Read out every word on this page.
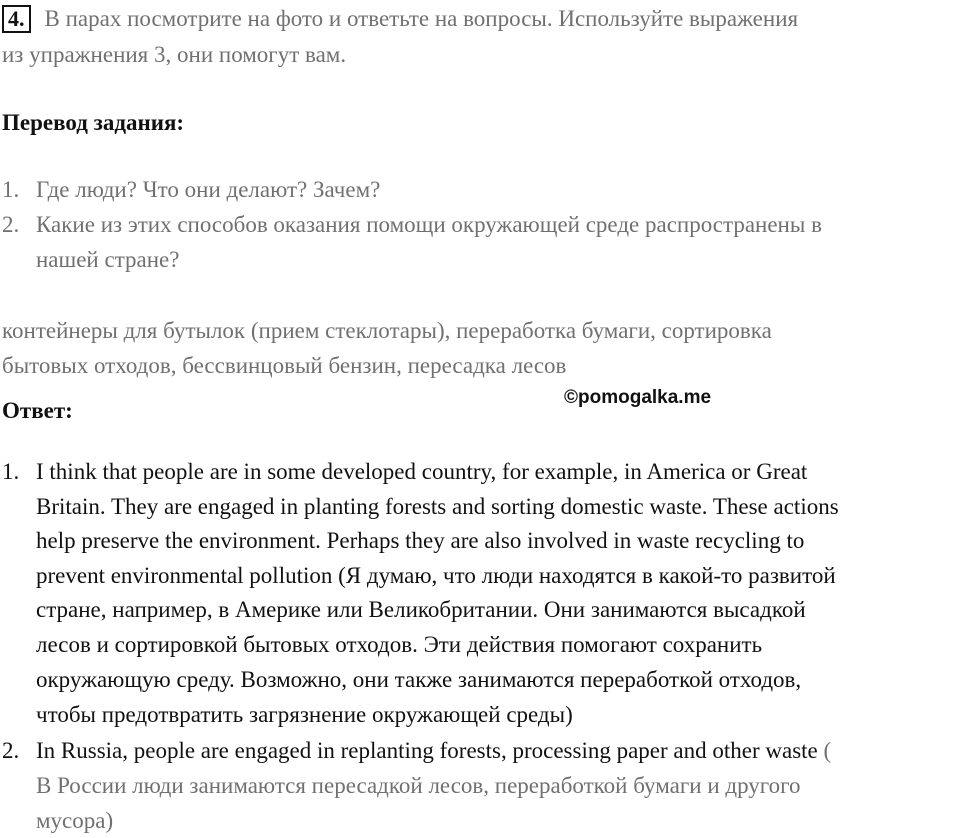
4. В парах посмотрите на фото и ответьте на вопросы. Используйте выражения
из упражнения 3, они помогут вам.
Перевод задания:
1. Где люди? Что они делают? Зачем?
2. Какие из этих способов оказания помощи окружающей среде распространены в
нашей стране?
контейнеры для бутылок (прием стеклотары), переработка бумаги, сортировка
бытовых отходов, бессвинцовый бензин, пересадка лесов
Ответ:
©pomogalka.me
1. I think that people are in some developed country, for example, in America or Great
Britain. They are engaged in planting forests and sorting domestic waste. These actions
help preserve the environment. Perhaps they are also involved in waste recycling to
prevent environmental pollution (Я думаю, что люди находятся в какой-то развитой
стране, например, в Америке или Великобритании. Они занимаются высадкой
лесов и сортировкой бытовых отходов. Эти действия помогают сохранить
окружающую среду. Возможно, они также занимаются переработкой отходов,
чтобы предотвратить загрязнение окружающей среды)
2. In Russia, people are engaged in replanting forests, processing paper and other waste (
В России люди занимаются пересадкой лесов, переработкой бумаги и другого
мусора)
